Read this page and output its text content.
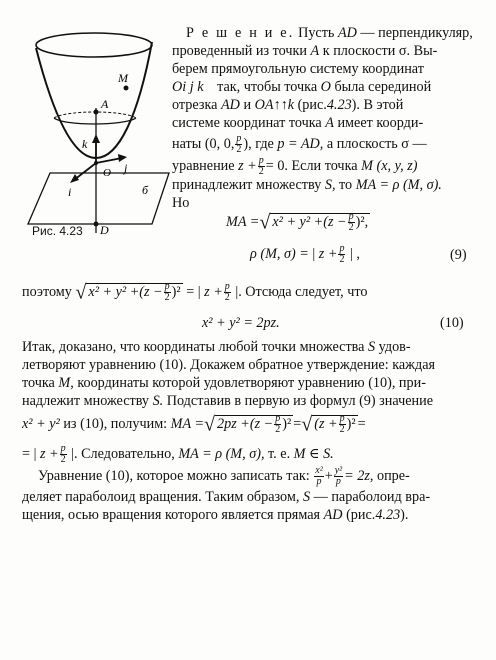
M
A
k
O j
i	б
D
Рис. 4.23
Р е ш е н и е. Пусть AD — перпендикуляр,
проведенный из точки A к плоскости σ. Вы-
берем прямоугольную систему координат
Oi j k так, чтобы точка O была серединой
отрезка AD и OA↑↑k (рис.4.23). В этой
системе координат точка A имеет коорди-
наты (0, 0, $\frac{p}{2}$ ), где p = AD, а плоскость σ —
уравнение $z + \frac{p}{2} = 0$. Если точка M (x, y, z)
принадлежит множеству S, то MA = ρ (M, σ).
Но
MA =√ $x^2 + y^2 +(z - \frac{p}{2} )^2$,
ρ (M, σ) = | $z + \frac{p}{2}$ | ,	(9)
поэтому √ $x^2 + y^2 +(z - \frac{p}{2} )^2$ = | $z + \frac{p}{2}$ |. Отсюда следует, что
x² + y² = 2pz.	(10)
Итак, доказано, что координаты любой точки множества S удов-
летворяют уравнению (10). Докажем обратное утверждение: каждая
точка M, координаты которой удовлетворяют уравнению (10), при-
надлежит множеству S. Подставив в первую из формул (9) значение
x² + y² из (10), получим: MA =√ $2pz +(z - \frac{p}{2} )^2$ =√ $(z + \frac{p}{2} )^2$ =
= | $z + \frac{p}{2}$ |. Следовательно, MA = ρ (M, σ), т. е. M ∈ S.
Уравнение (10), которое можно записать так: $\frac{\text{x²}}{p} + \frac{\text{y²}}{p} = 2z$, опре-
деляет параболоид вращения. Таким образом, S — параболоид вра-
щения, осью вращения которого является прямая AD (рис.4.23).
